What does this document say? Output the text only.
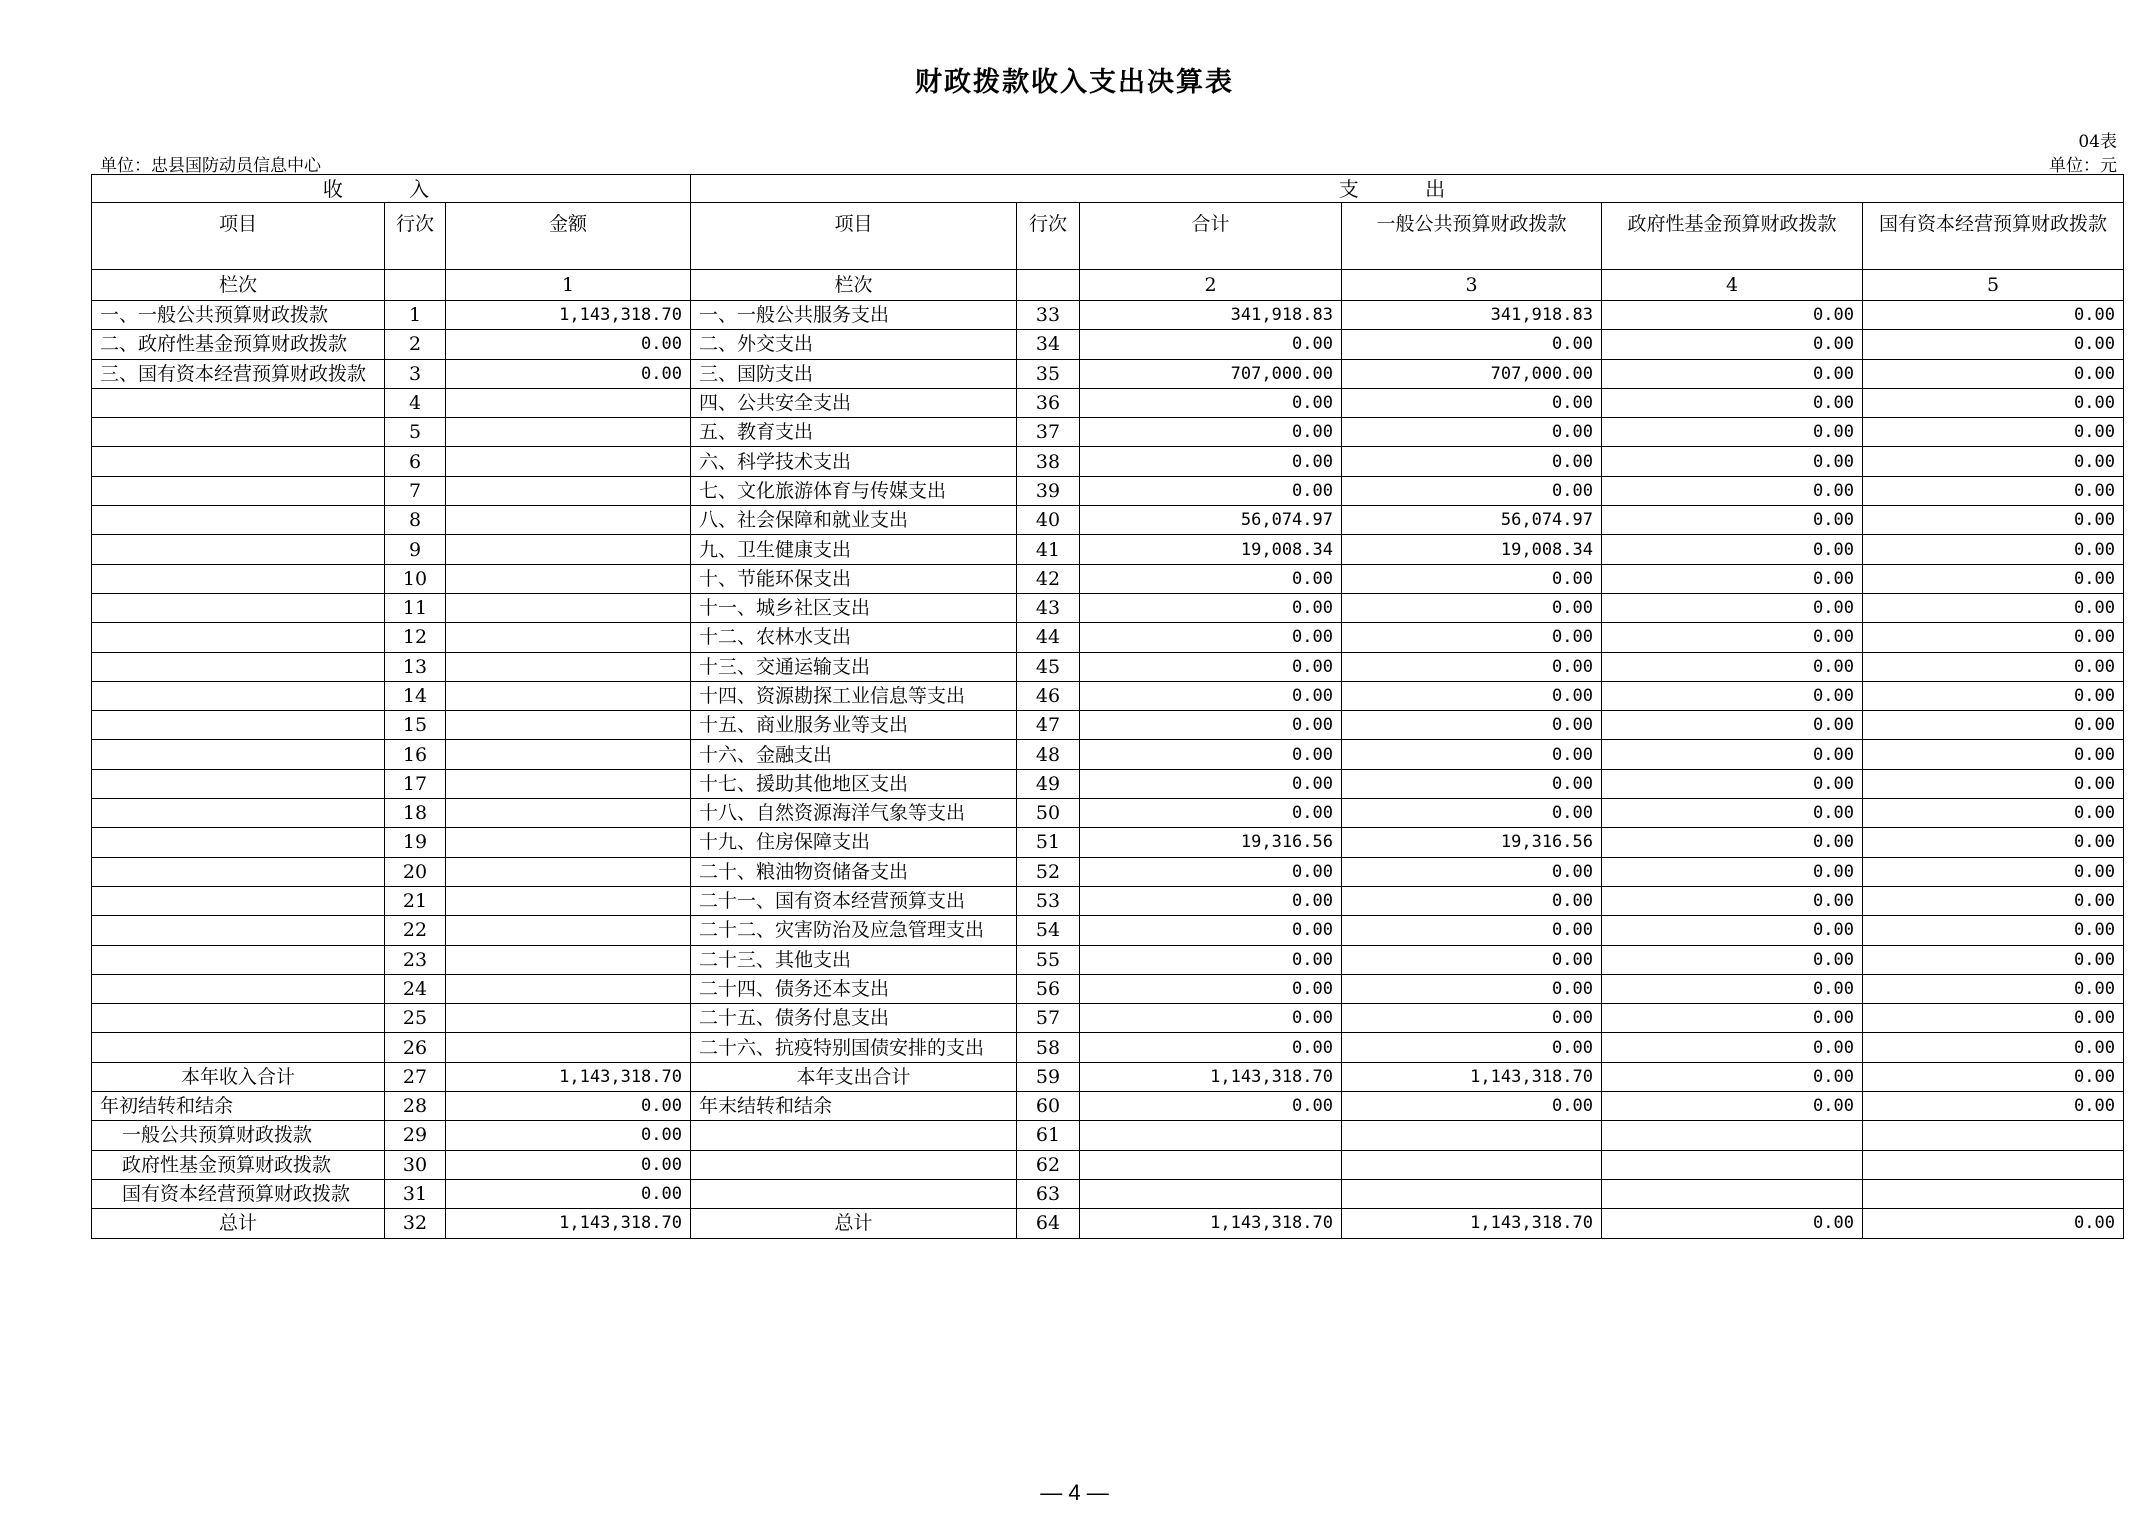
财政拨款收入支出决算表
04表
单位：忠县国防动员信息中心	单位：元
收 入			支 出					
项目	行次	金额	项目	行次	合计	一般公共预算财政拨款	政府性基金预算财政拨款	国有资本经营预算财政拨款
栏次		1	栏次		2	3	4	5
一、一般公共预算财政拨款	1	1,143,318.70	一、一般公共服务支出	33	341,918.83	341,918.83	0.00	0.00
二、政府性基金预算财政拨款	2	0.00	二、外交支出	34	0.00	0.00	0.00	0.00
三、国有资本经营预算财政拨款	3	0.00	三、国防支出	35	707,000.00	707,000.00	0.00	0.00
	4		四、公共安全支出	36	0.00	0.00	0.00	0.00
	5		五、教育支出	37	0.00	0.00	0.00	0.00
	6		六、科学技术支出	38	0.00	0.00	0.00	0.00
	7		七、文化旅游体育与传媒支出	39	0.00	0.00	0.00	0.00
	8		八、社会保障和就业支出	40	56,074.97	56,074.97	0.00	0.00
	9		九、卫生健康支出	41	19,008.34	19,008.34	0.00	0.00
	10		十、节能环保支出	42	0.00	0.00	0.00	0.00
	11		十一、城乡社区支出	43	0.00	0.00	0.00	0.00
	12		十二、农林水支出	44	0.00	0.00	0.00	0.00
	13		十三、交通运输支出	45	0.00	0.00	0.00	0.00
	14		十四、资源勘探工业信息等支出	46	0.00	0.00	0.00	0.00
	15		十五、商业服务业等支出	47	0.00	0.00	0.00	0.00
	16		十六、金融支出	48	0.00	0.00	0.00	0.00
	17		十七、援助其他地区支出	49	0.00	0.00	0.00	0.00
	18		十八、自然资源海洋气象等支出	50	0.00	0.00	0.00	0.00
	19		十九、住房保障支出	51	19,316.56	19,316.56	0.00	0.00
	20		二十、粮油物资储备支出	52	0.00	0.00	0.00	0.00
	21		二十一、国有资本经营预算支出	53	0.00	0.00	0.00	0.00
	22		二十二、灾害防治及应急管理支出	54	0.00	0.00	0.00	0.00
	23		二十三、其他支出	55	0.00	0.00	0.00	0.00
	24		二十四、债务还本支出	56	0.00	0.00	0.00	0.00
	25		二十五、债务付息支出	57	0.00	0.00	0.00	0.00
	26		二十六、抗疫特别国债安排的支出	58	0.00	0.00	0.00	0.00
本年收入合计	27	1,143,318.70	本年支出合计	59	1,143,318.70	1,143,318.70	0.00	0.00
年初结转和结余	28	0.00	年末结转和结余	60	0.00	0.00	0.00	0.00
一般公共预算财政拨款	29	0.00		61				
政府性基金预算财政拨款	30	0.00		62				
国有资本经营预算财政拨款	31	0.00		63				
总计	32	1,143,318.70	总计	64	1,143,318.70	1,143,318.70	0.00	0.00
— 4 —
